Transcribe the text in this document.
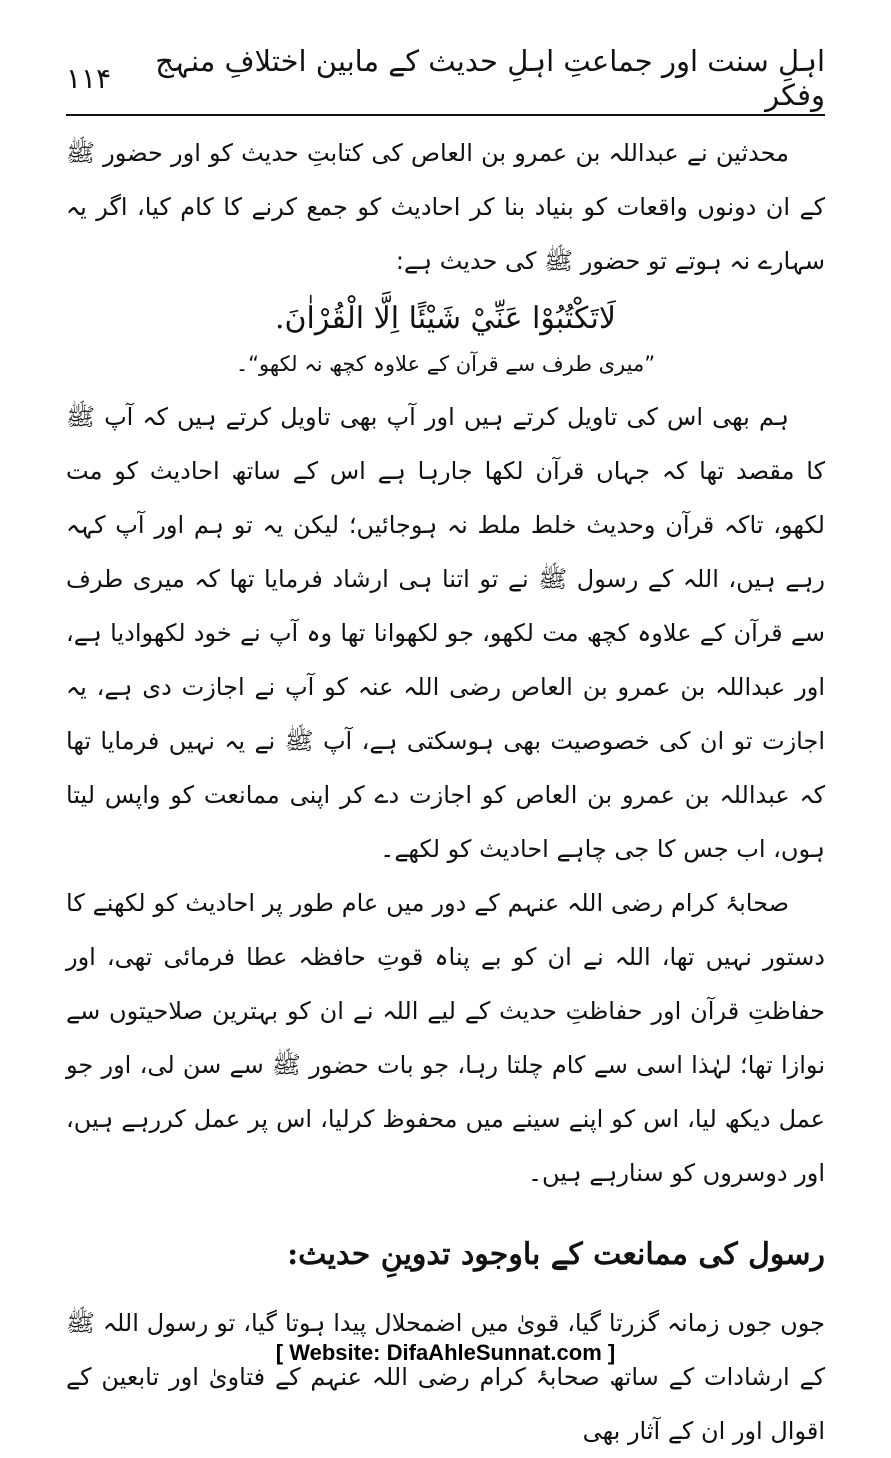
۱۱۴	اہلِ سنت اور جماعتِ اہلِ حدیث کے مابین اختلافِ منہج وفکر

محدثین نے عبداللہ بن عمرو بن العاص کی کتابتِ حدیث کو اور حضور ﷺ کے ان دونوں واقعات کو بنیاد بنا کر احادیث کو جمع کرنے کا کام کیا، اگر یہ سہارے نہ ہوتے تو حضور ﷺ کی حدیث ہے:

لَاتَكْتُبُوْا عَنِّيْ شَيْئًا اِلَّا الْقُرْاٰنَ.

”میری طرف سے قرآن کے علاوہ کچھ نہ لکھو“۔

ہم بھی اس کی تاویل کرتے ہیں اور آپ بھی تاویل کرتے ہیں کہ آپ ﷺ کا مقصد تھا کہ جہاں قرآن لکھا جارہا ہے اس کے ساتھ احادیث کو مت لکھو، تاکہ قرآن وحدیث خلط ملط نہ ہوجائیں؛ لیکن یہ تو ہم اور آپ کہہ رہے ہیں، اللہ کے رسول ﷺ نے تو اتنا ہی ارشاد فرمایا تھا کہ میری طرف سے قرآن کے علاوہ کچھ مت لکھو، جو لکھوانا تھا وہ آپ نے خود لکھوادیا ہے، اور عبداللہ بن عمرو بن العاص رضی اللہ عنہ کو آپ نے اجازت دی ہے، یہ اجازت تو ان کی خصوصیت بھی ہوسکتی ہے، آپ ﷺ نے یہ نہیں فرمایا تھا کہ عبداللہ بن عمرو بن العاص کو اجازت دے کر اپنی ممانعت کو واپس لیتا ہوں، اب جس کا جی چاہے احادیث کو لکھے۔

صحابۂ کرام رضی اللہ عنہم کے دور میں عام طور پر احادیث کو لکھنے کا دستور نہیں تھا، اللہ نے ان کو بے پناہ قوتِ حافظہ عطا فرمائی تھی، اور حفاظتِ قرآن اور حفاظتِ حدیث کے لیے اللہ نے ان کو بہترین صلاحیتوں سے نوازا تھا؛ لہٰذا اسی سے کام چلتا رہا، جو بات حضور ﷺ سے سن لی، اور جو عمل دیکھ لیا، اس کو اپنے سینے میں محفوظ کرلیا، اس پر عمل کررہے ہیں، اور دوسروں کو سنارہے ہیں۔

رسول کی ممانعت کے باوجود تدوینِ حدیث:

جوں جوں زمانہ گزرتا گیا، قویٰ میں اضمحلال پیدا ہوتا گیا، تو رسول اللہ ﷺ کے ارشادات کے ساتھ صحابۂ کرام رضی اللہ عنہم کے فتاویٰ اور تابعین کے اقوال اور ان کے آثار بھی

[ Website: DifaAhleSunnat.com ]
